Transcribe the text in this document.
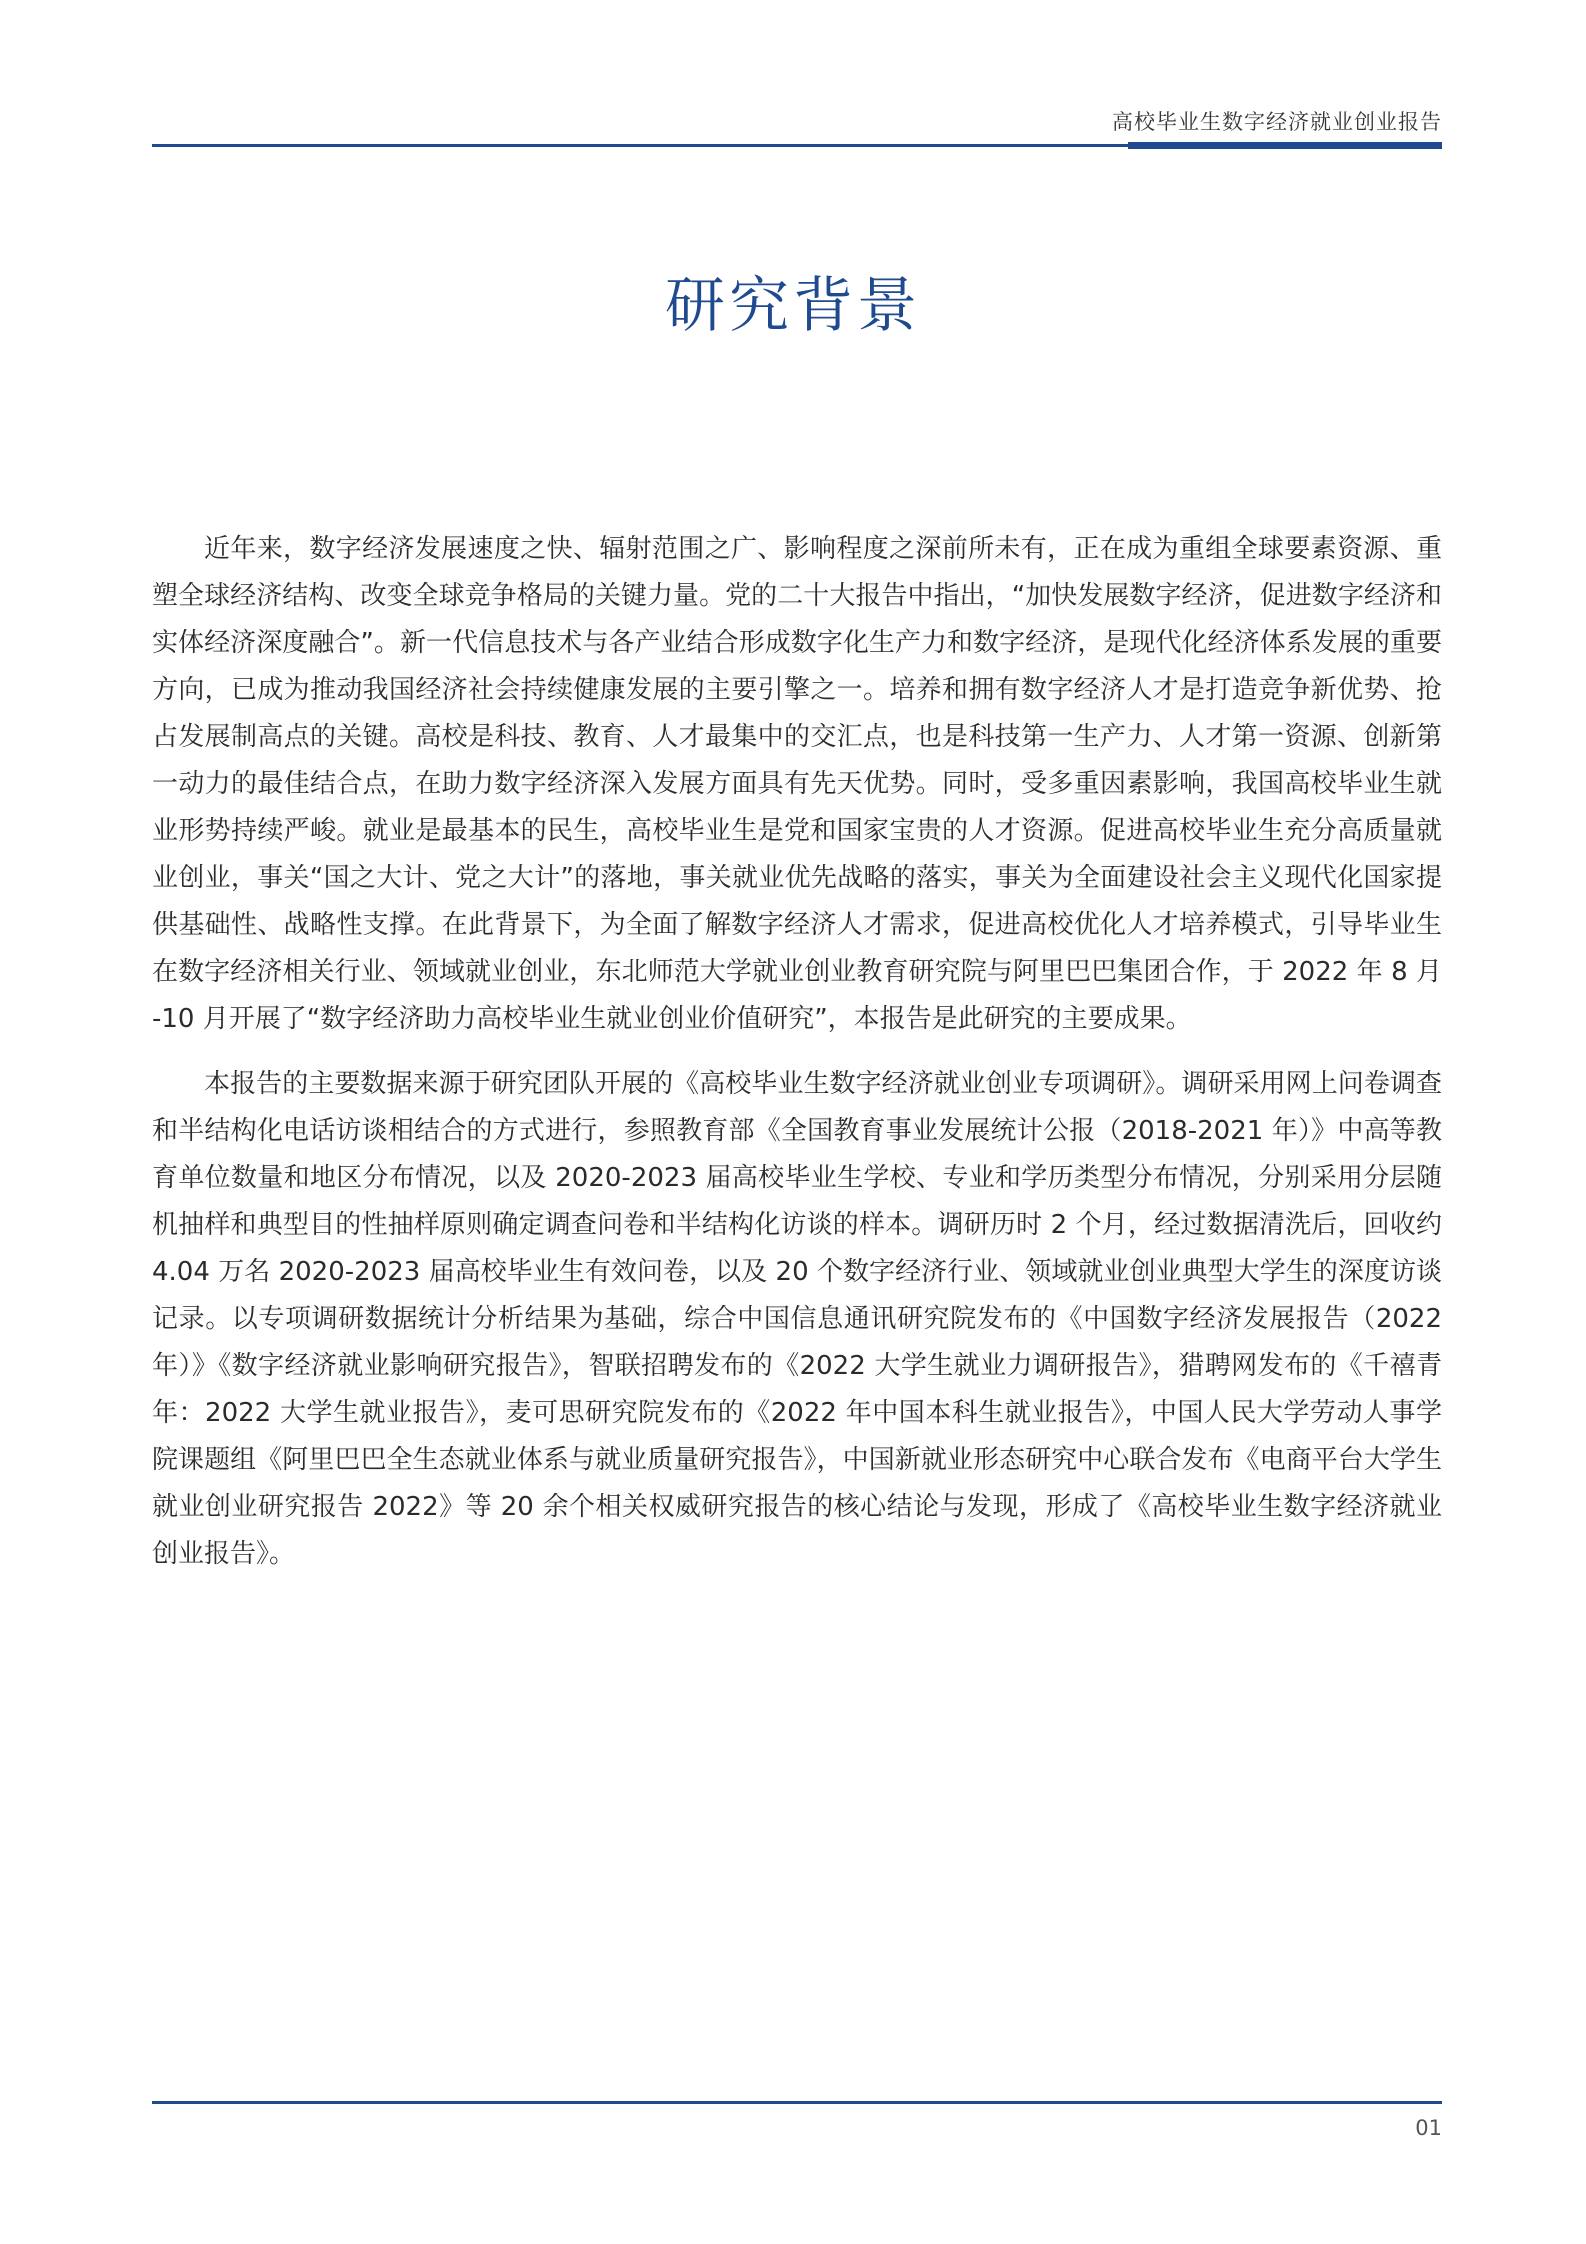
高校毕业生数字经济就业创业报告
研究背景

近年来，数字经济发展速度之快、辐射范围之广、影响程度之深前所未有，正在成为重组全球要素资源、重塑全球经济结构、改变全球竞争格局的关键力量。党的二十大报告中指出，“加快发展数字经济，促进数字经济和实体经济深度融合”。新一代信息技术与各产业结合形成数字化生产力和数字经济，是现代化经济体系发展的重要方向，已成为推动我国经济社会持续健康发展的主要引擎之一。培养和拥有数字经济人才是打造竞争新优势、抢占发展制高点的关键。高校是科技、教育、人才最集中的交汇点，也是科技第一生产力、人才第一资源、创新第一动力的最佳结合点，在助力数字经济深入发展方面具有先天优势。同时，受多重因素影响，我国高校毕业生就业形势持续严峻。就业是最基本的民生，高校毕业生是党和国家宝贵的人才资源。促进高校毕业生充分高质量就业创业，事关“国之大计、党之大计”的落地，事关就业优先战略的落实，事关为全面建设社会主义现代化国家提供基础性、战略性支撑。在此背景下，为全面了解数字经济人才需求，促进高校优化人才培养模式，引导毕业生在数字经济相关行业、领域就业创业，东北师范大学就业创业教育研究院与阿里巴巴集团合作，于 2022 年 8 月 -10 月开展了“数字经济助力高校毕业生就业创业价值研究”，本报告是此研究的主要成果。

本报告的主要数据来源于研究团队开展的《高校毕业生数字经济就业创业专项调研》。调研采用网上问卷调查和半结构化电话访谈相结合的方式进行，参照教育部《全国教育事业发展统计公报（2018-2021 年）》中高等教育单位数量和地区分布情况，以及 2020-2023 届高校毕业生学校、专业和学历类型分布情况，分别采用分层随机抽样和典型目的性抽样原则确定调查问卷和半结构化访谈的样本。调研历时 2 个月，经过数据清洗后，回收约 4.04 万名 2020-2023 届高校毕业生有效问卷，以及 20 个数字经济行业、领域就业创业典型大学生的深度访谈记录。以专项调研数据统计分析结果为基础，综合中国信息通讯研究院发布的《中国数字经济发展报告（2022 年）》《数字经济就业影响研究报告》，智联招聘发布的《2022 大学生就业力调研报告》，猎聘网发布的《千禧青年：2022 大学生就业报告》，麦可思研究院发布的《2022 年中国本科生就业报告》，中国人民大学劳动人事学院课题组《阿里巴巴全生态就业体系与就业质量研究报告》，中国新就业形态研究中心联合发布《电商平台大学生就业创业研究报告 2022》等 20 余个相关权威研究报告的核心结论与发现，形成了《高校毕业生数字经济就业创业报告》。

01
